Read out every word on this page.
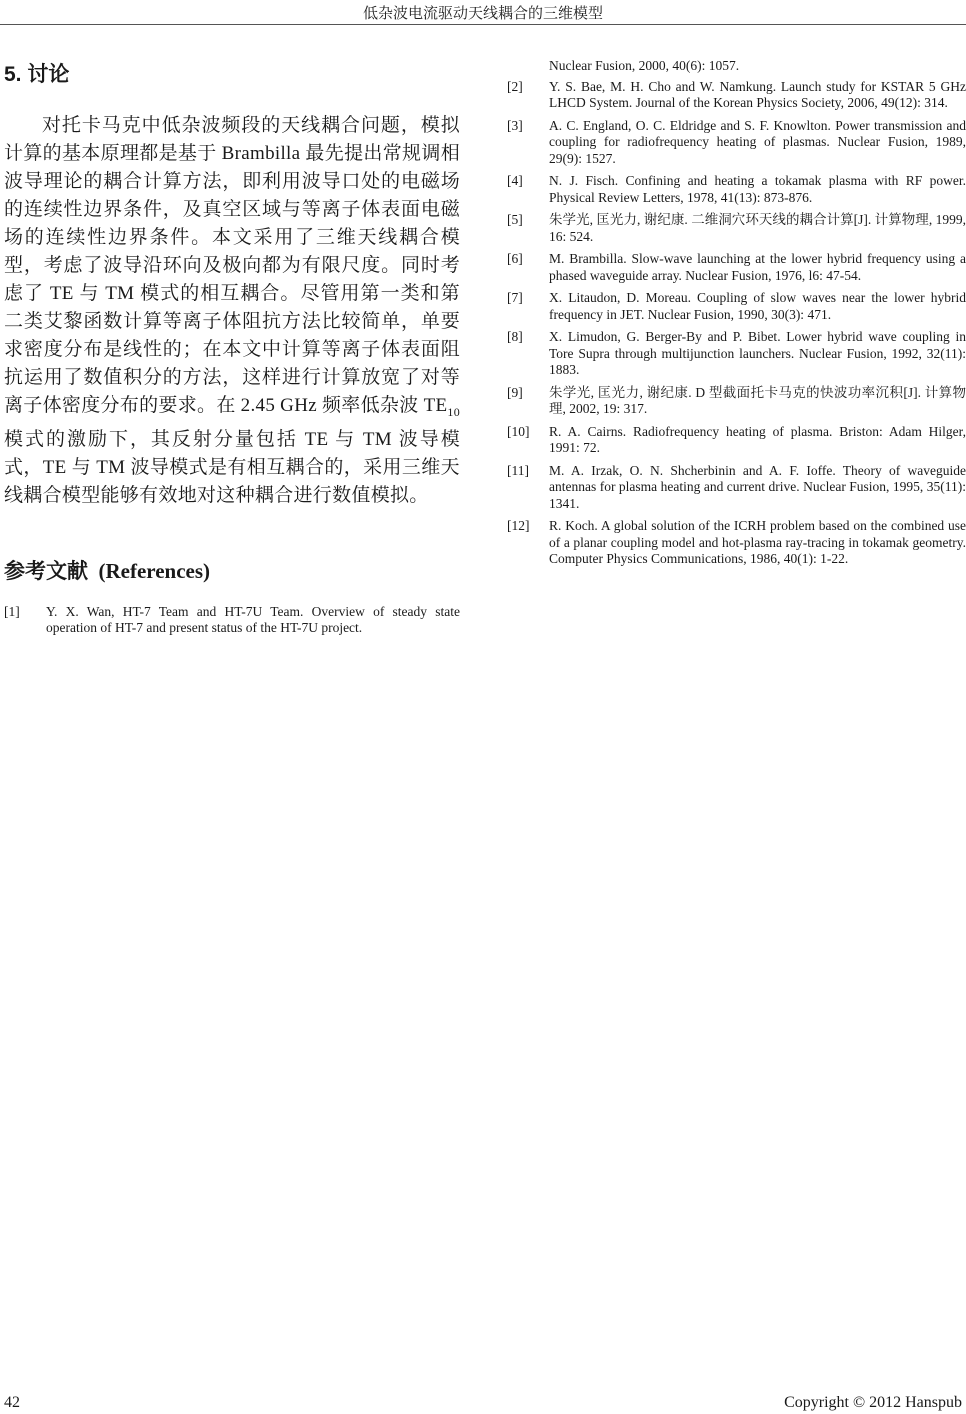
低杂波电流驱动天线耦合的三维模型
5. 讨论

对托卡马克中低杂波频段的天线耦合问题，模拟计算的基本原理都是基于 Brambilla 最先提出常规调相波导理论的耦合计算方法，即利用波导口处的电磁场的连续性边界条件，及真空区域与等离子体表面电磁场的连续性边界条件。本文采用了三维天线耦合模型，考虑了波导沿环向及极向都为有限尺度。同时考虑了 TE 与 TM 模式的相互耦合。尽管用第一类和第二类艾黎函数计算等离子体阻抗方法比较简单，单要求密度分布是线性的；在本文中计算等离子体表面阻抗运用了数值积分的方法，这样进行计算放宽了对等离子体密度分布的要求。在 2.45 GHz 频率低杂波 $TE_{10}$模式的激励下，其反射分量包括 TE 与 TM 波导模式，TE 与 TM 波导模式是有相互耦合的，采用三维天线耦合模型能够有效地对这种耦合进行数值模拟。

参考文献 (References)
[1]	Y. X. Wan, HT-7 Team and HT-7U Team. Overview of steady state operation of HT-7 and present status of the HT-7U project.
Nuclear Fusion, 2000, 40(6): 1057.
[2]	Y. S. Bae, M. H. Cho and W. Namkung. Launch study for KSTAR 5 GHz LHCD System. Journal of the Korean Physics Society, 2006, 49(12): 314.
[3]	A. C. England, O. C. Eldridge and S. F. Knowlton. Power transmission and coupling for radiofrequency heating of plasmas. Nuclear Fusion, 1989, 29(9): 1527.
[4]	N. J. Fisch. Confining and heating a tokamak plasma with RF power. Physical Review Letters, 1978, 41(13): 873-876.
[5]	朱学光, 匡光力, 谢纪康. 二维洞穴环天线的耦合计算[J]. 计算物理, 1999, 16: 524.
[6]	M. Brambilla. Slow-wave launching at the lower hybrid frequency using a phased waveguide array. Nuclear Fusion, 1976, l6: 47-54.
[7]	X. Litaudon, D. Moreau. Coupling of slow waves near the lower hybrid frequency in JET. Nuclear Fusion, 1990, 30(3): 471.
[8]	X. Limudon, G. Berger-By and P. Bibet. Lower hybrid wave coupling in Tore Supra through multijunction launchers. Nuclear Fusion, 1992, 32(11): 1883.
[9]	朱学光, 匡光力, 谢纪康. D 型截面托卡马克的快波功率沉积[J]. 计算物理, 2002, 19: 317.
[10]	R. A. Cairns. Radiofrequency heating of plasma. Briston: Adam Hilger, 1991: 72.
[11]	M. A. Irzak, O. N. Shcherbinin and A. F. Ioffe. Theory of waveguide antennas for plasma heating and current drive. Nuclear Fusion, 1995, 35(11): 1341.
[12]	R. Koch. A global solution of the ICRH problem based on the combined use of a planar coupling model and hot-plasma ray-tracing in tokamak geometry. Computer Physics Communications, 1986, 40(1): 1-22.
42	Copyright © 2012 Hanspub
